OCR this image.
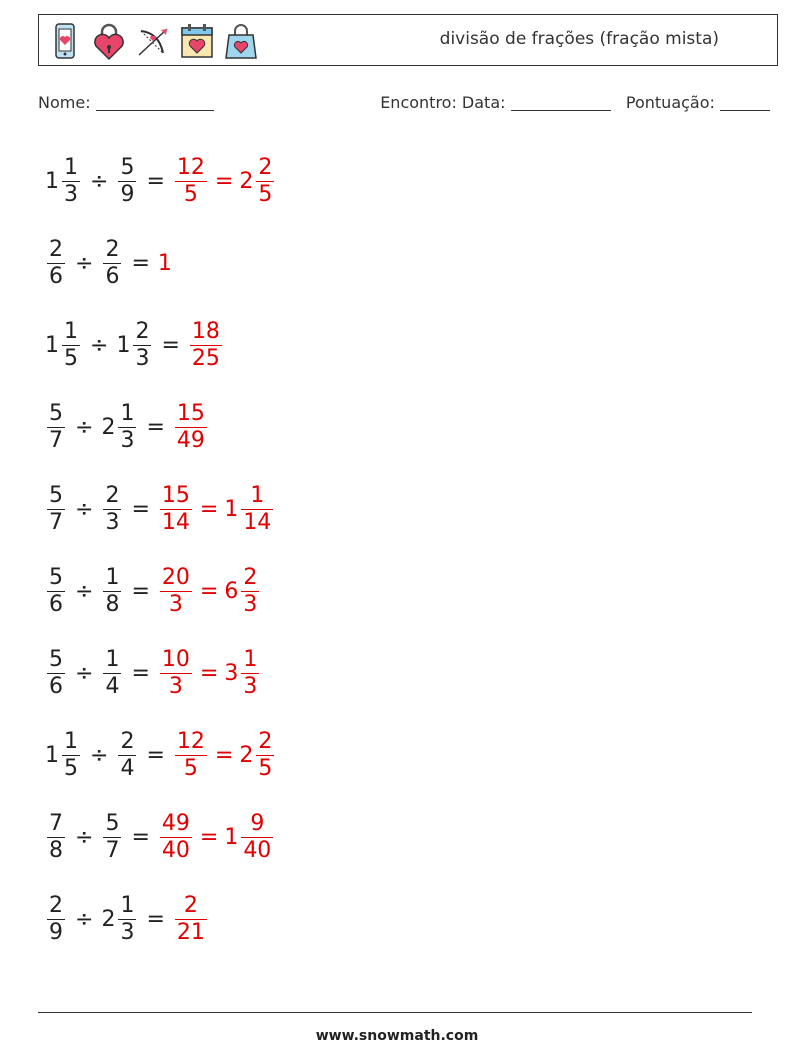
divisão de frações (fração mista)
Nome:	Encontro: Data:	Pontuação:
$1 \frac{1}{3} \div \frac{5}{9} = \frac{12}{5} = 2 \frac{2}{5}$
$\frac{2}{6} \div \frac{2}{6} = 1$
$1 \frac{1}{5} \div 1 \frac{2}{3} = \frac{18}{25}$
$\frac{5}{7} \div 2 \frac{1}{3} = \frac{15}{49}$
$\frac{5}{7} \div \frac{2}{3} = \frac{15}{14} = 1 \frac{1}{14}$
$\frac{5}{6} \div \frac{1}{8} = \frac{20}{3} = 6 \frac{2}{3}$
$\frac{5}{6} \div \frac{1}{4} = \frac{10}{3} = 3 \frac{1}{3}$
$1 \frac{1}{5} \div \frac{2}{4} = \frac{12}{5} = 2 \frac{2}{5}$
$\frac{7}{8} \div \frac{5}{7} = \frac{49}{40} = 1 \frac{9}{40}$
$\frac{2}{9} \div 2 \frac{1}{3} = \frac{2}{21}$
www.snowmath.com
